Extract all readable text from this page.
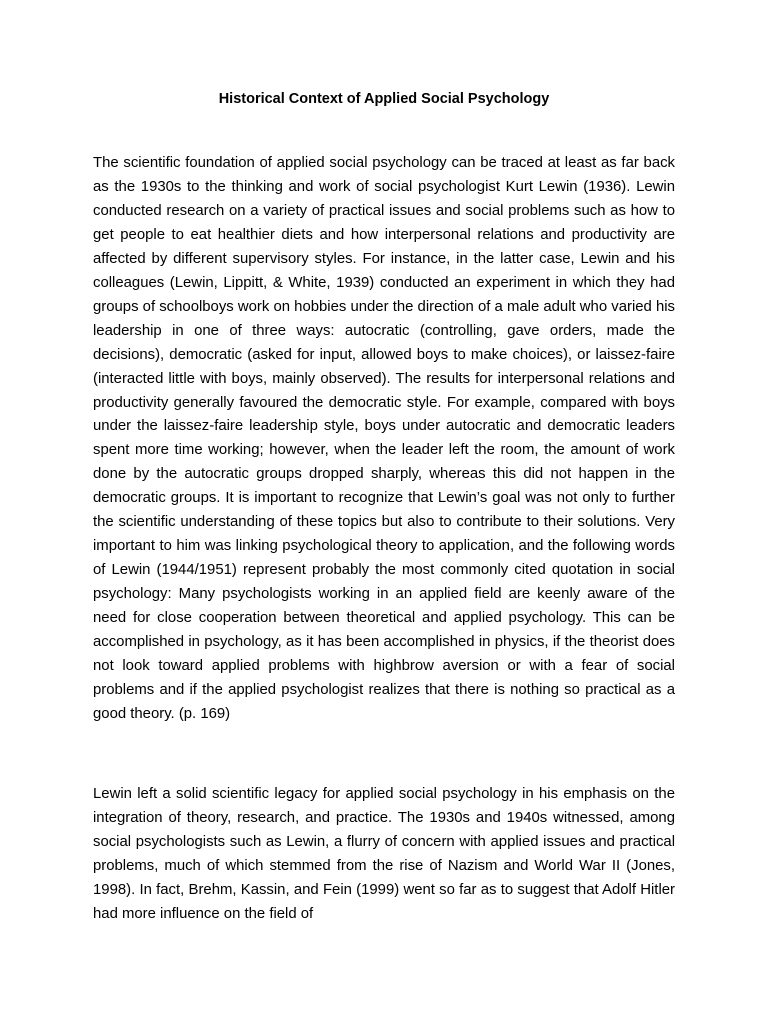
Historical Context of Applied Social Psychology

The scientific foundation of applied social psychology can be traced at least as far back as the 1930s to the thinking and work of social psychologist Kurt Lewin (1936). Lewin conducted research on a variety of practical issues and social problems such as how to get people to eat healthier diets and how interpersonal relations and productivity are affected by different supervisory styles. For instance, in the latter case, Lewin and his colleagues (Lewin, Lippitt, & White, 1939) conducted an experiment in which they had groups of schoolboys work on hobbies under the direction of a male adult who varied his leadership in one of three ways: autocratic (controlling, gave orders, made the decisions), democratic (asked for input, allowed boys to make choices), or laissez-faire (interacted little with boys, mainly observed). The results for interpersonal relations and productivity generally favoured the democratic style. For example, compared with boys under the laissez-faire leadership style, boys under autocratic and democratic leaders spent more time working; however, when the leader left the room, the amount of work done by the autocratic groups dropped sharply, whereas this did not happen in the democratic groups. It is important to recognize that Lewin’s goal was not only to further the scientific understanding of these topics but also to contribute to their solutions. Very important to him was linking psychological theory to application, and the following words of Lewin (1944/1951) represent probably the most commonly cited quotation in social psychology: Many psychologists working in an applied field are keenly aware of the need for close cooperation between theoretical and applied psychology. This can be accomplished in psychology, as it has been accomplished in physics, if the theorist does not look toward applied problems with highbrow aversion or with a fear of social problems and if the applied psychologist realizes that there is nothing so practical as a good theory. (p. 169)

Lewin left a solid scientific legacy for applied social psychology in his emphasis on the integration of theory, research, and practice. The 1930s and 1940s witnessed, among social psychologists such as Lewin, a flurry of concern with applied issues and practical problems, much of which stemmed from the rise of Nazism and World War II (Jones, 1998). In fact, Brehm, Kassin, and Fein (1999) went so far as to suggest that Adolf Hitler had more influence on the field of
